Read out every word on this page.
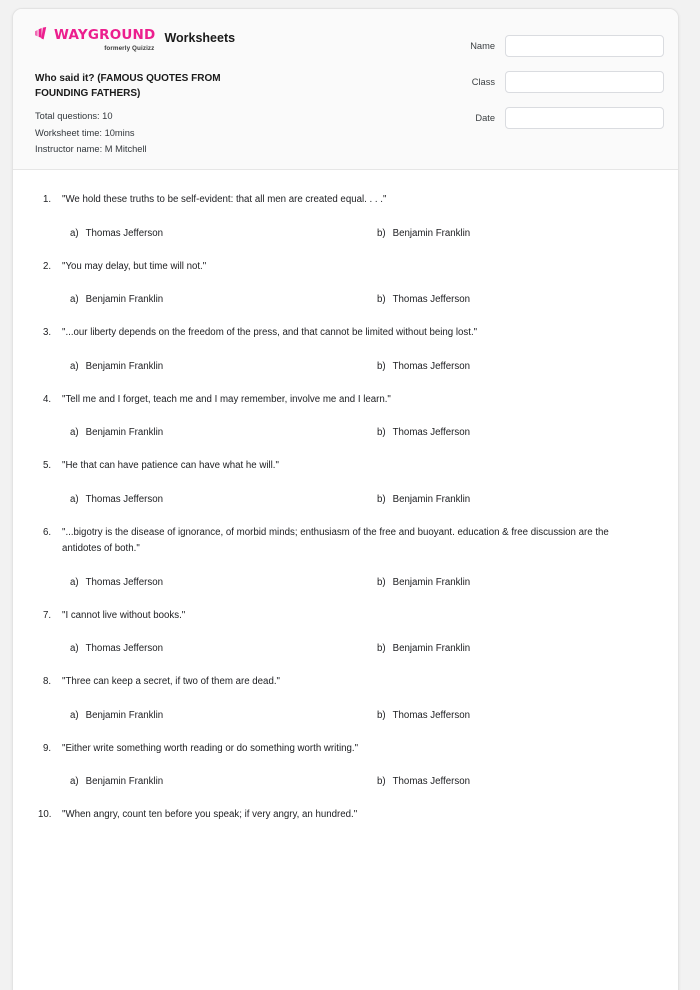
WAYGROUND
formerly Quizizz
Worksheets
Who said it? (FAMOUS QUOTES FROM FOUNDING FATHERS)
Total questions: 10
Worksheet time: 10mins
Instructor name: M Mitchell
Name
Class
Date
1.	"We hold these truths to be self-evident: that all men are created equal. . . ."
a) Thomas Jefferson	b) Benjamin Franklin
2.	"You may delay, but time will not."
a) Benjamin Franklin	b) Thomas Jefferson
3.	"...our liberty depends on the freedom of the press, and that cannot be limited without being lost."
a) Benjamin Franklin	b) Thomas Jefferson
4.	"Tell me and I forget, teach me and I may remember, involve me and I learn."
a) Benjamin Franklin	b) Thomas Jefferson
5.	"He that can have patience can have what he will."
a) Thomas Jefferson	b) Benjamin Franklin
6.	"...bigotry is the disease of ignorance, of morbid minds; enthusiasm of the free and buoyant. education & free discussion are the antidotes of both."
a) Thomas Jefferson	b) Benjamin Franklin
7.	"I cannot live without books."
a) Thomas Jefferson	b) Benjamin Franklin
8.	"Three can keep a secret, if two of them are dead."
a) Benjamin Franklin	b) Thomas Jefferson
9.	"Either write something worth reading or do something worth writing."
a) Benjamin Franklin	b) Thomas Jefferson
10.	"When angry, count ten before you speak; if very angry, an hundred."
